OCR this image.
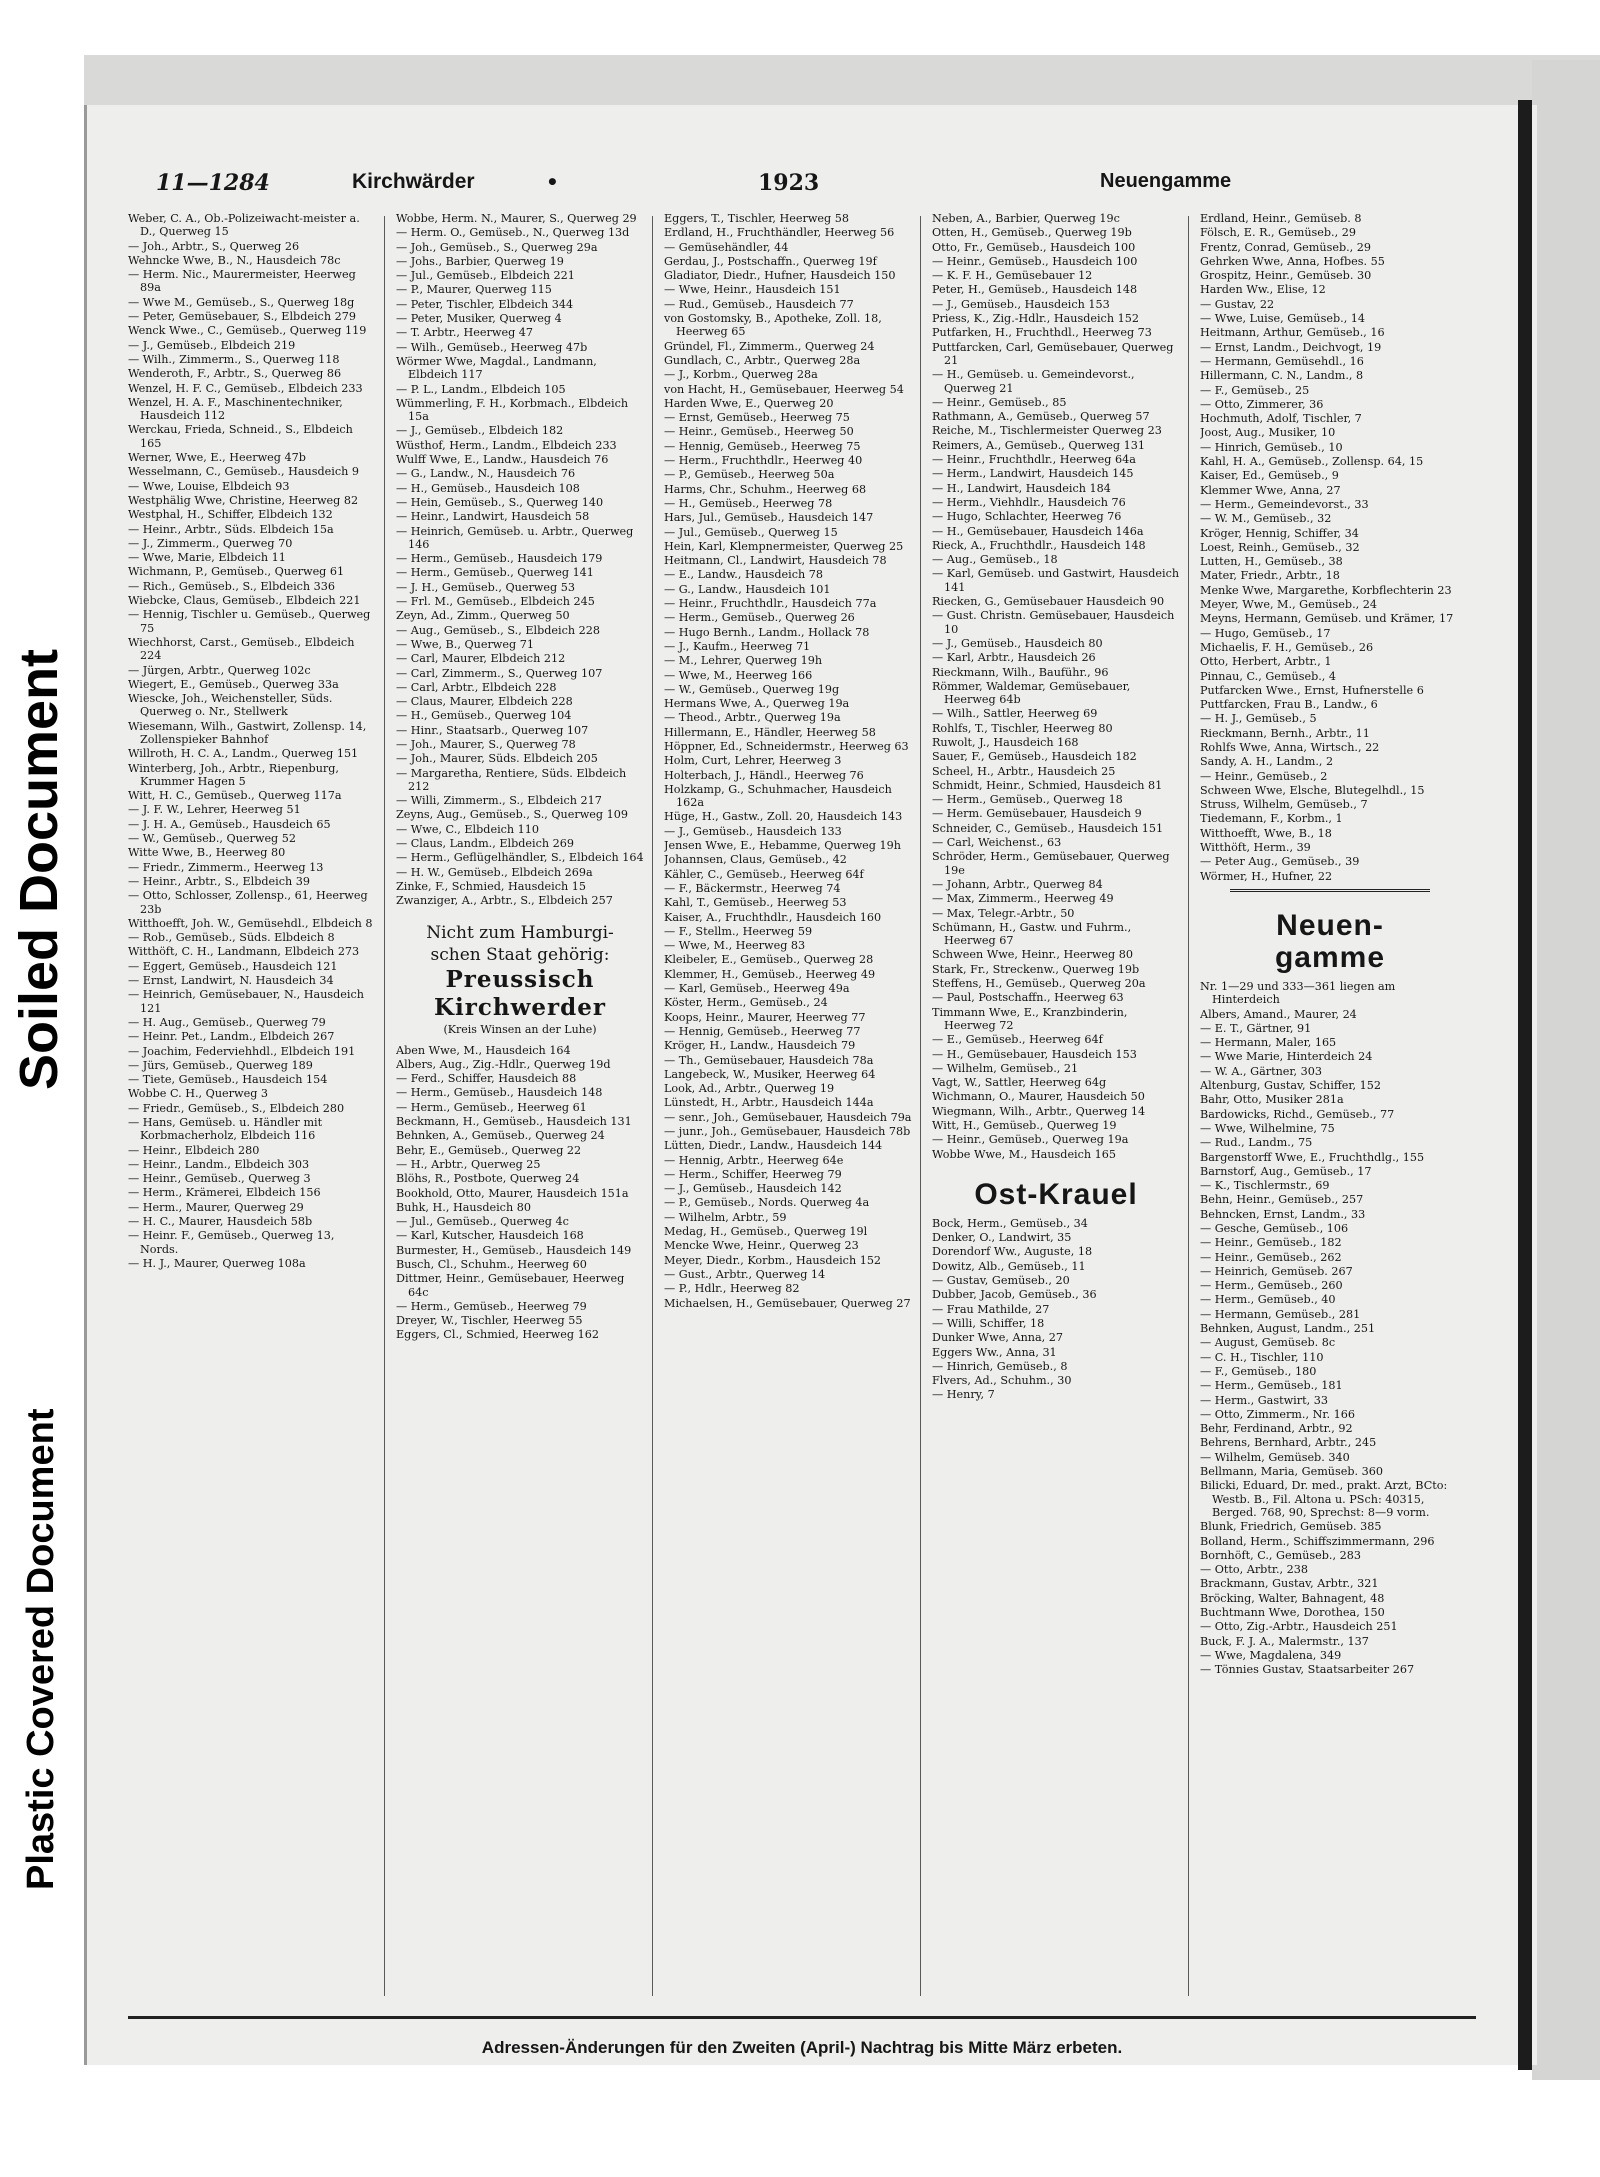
Soiled Document
Plastic Covered Document
11—1284	Kirchwärder	•	1923	Neuengamme
Weber, C. A., Ob.-Polizeiwacht-meister a. D., Querweg 15
— Joh., Arbtr., S., Querweg 26
Wehncke Wwe, B., N., Hausdeich 78c
— Herm. Nic., Maurermeister, Heerweg 89a
— Wwe M., Gemüseb., S., Querweg 18g
— Peter, Gemüsebauer, S., Elbdeich 279
Wenck Wwe., C., Gemüseb., Querweg 119
— J., Gemüseb., Elbdeich 219
— Wilh., Zimmerm., S., Querweg 118
Wenderoth, F., Arbtr., S., Querweg 86
Wenzel, H. F. C., Gemüseb., Elbdeich 233
Wenzel, H. A. F., Maschinentechniker, Hausdeich 112
Werckau, Frieda, Schneid., S., Elbdeich 165
Werner, Wwe, E., Heerweg 47b
Wesselmann, C., Gemüseb., Hausdeich 9
— Wwe, Louise, Elbdeich 93
Westphälig Wwe, Christine, Heerweg 82
Westphal, H., Schiffer, Elbdeich 132
— Heinr., Arbtr., Süds. Elbdeich 15a
— J., Zimmerm., Querweg 70
— Wwe, Marie, Elbdeich 11
Wichmann, P., Gemüseb., Querweg 61
— Rich., Gemüseb., S., Elbdeich 336
Wiebcke, Claus, Gemüseb., Elbdeich 221
— Hennig, Tischler u. Gemüseb., Querweg 75
Wiechhorst, Carst., Gemüseb., Elbdeich 224
— Jürgen, Arbtr., Querweg 102c
Wiegert, E., Gemüseb., Querweg 33a
Wiescke, Joh., Weichensteller, Süds. Querweg o. Nr., Stellwerk
Wiesemann, Wilh., Gastwirt, Zollensp. 14, Zollenspieker Bahnhof
Willroth, H. C. A., Landm., Querweg 151
Winterberg, Joh., Arbtr., Riepenburg, Krummer Hagen 5
Witt, H. C., Gemüseb., Querweg 117a
— J. F. W., Lehrer, Heerweg 51
— J. H. A., Gemüseb., Hausdeich 65
— W., Gemüseb., Querweg 52
Witte Wwe, B., Heerweg 80
— Friedr., Zimmerm., Heerweg 13
— Heinr., Arbtr., S., Elbdeich 39
— Otto, Schlosser, Zollensp., 61, Heerweg 23b
Witthoefft, Joh. W., Gemüsehdl., Elbdeich 8
— Rob., Gemüseb., Süds. Elbdeich 8
Witthöft, C. H., Landmann, Elbdeich 273
— Eggert, Gemüseb., Hausdeich 121
— Ernst, Landwirt, N. Hausdeich 34
— Heinrich, Gemüsebauer, N., Hausdeich 121
— H. Aug., Gemüseb., Querweg 79
— Heinr. Pet., Landm., Elbdeich 267
— Joachim, Federviehhdl., Elbdeich 191
— Jürs, Gemüseb., Querweg 189
— Tiete, Gemüseb., Hausdeich 154
Wobbe C. H., Querweg 3
— Friedr., Gemüseb., S., Elbdeich 280
— Hans, Gemüseb. u. Händler mit Korbmacherholz, Elbdeich 116
— Heinr., Elbdeich 280
— Heinr., Landm., Elbdeich 303
— Heinr., Gemüseb., Querweg 3
— Herm., Krämerei, Elbdeich 156
— Herm., Maurer, Querweg 29
— H. C., Maurer, Hausdeich 58b
— Heinr. F., Gemüseb., Querweg 13, Nords.
— H. J., Maurer, Querweg 108a
Wobbe, Herm. N., Maurer, S., Querweg 29
— Herm. O., Gemüseb., N., Querweg 13d
— Joh., Gemüseb., S., Querweg 29a
— Johs., Barbier, Querweg 19
— Jul., Gemüseb., Elbdeich 221
— P., Maurer, Querweg 115
— Peter, Tischler, Elbdeich 344
— Peter, Musiker, Querweg 4
— T. Arbtr., Heerweg 47
— Wilh., Gemüseb., Heerweg 47b
Wörmer Wwe, Magdal., Landmann, Elbdeich 117
— P. L., Landm., Elbdeich 105
Wümmerling, F. H., Korbmach., Elbdeich 15a
— J., Gemüseb., Elbdeich 182
Wüsthof, Herm., Landm., Elbdeich 233
Wulff Wwe, E., Landw., Hausdeich 76
— G., Landw., N., Hausdeich 76
— H., Gemüseb., Hausdeich 108
— Hein, Gemüseb., S., Querweg 140
— Heinr., Landwirt, Hausdeich 58
— Heinrich, Gemüseb. u. Arbtr., Querweg 146
— Herm., Gemüseb., Hausdeich 179
— Herm., Gemüseb., Querweg 141
— J. H., Gemüseb., Querweg 53
— Frl. M., Gemüseb., Elbdeich 245
Zeyn, Ad., Zimm., Querweg 50
— Aug., Gemüseb., S., Elbdeich 228
— Wwe, B., Querweg 71
— Carl, Maurer, Elbdeich 212
— Carl, Zimmerm., S., Querweg 107
— Carl, Arbtr., Elbdeich 228
— Claus, Maurer, Elbdeich 228
— H., Gemüseb., Querweg 104
— Hinr., Staatsarb., Querweg 107
— Joh., Maurer, S., Querweg 78
— Joh., Maurer, Süds. Elbdeich 205
— Margaretha, Rentiere, Süds. Elbdeich 212
— Willi, Zimmerm., S., Elbdeich 217
Zeyns, Aug., Gemüseb., S., Querweg 109
— Wwe, C., Elbdeich 110
— Claus, Landm., Elbdeich 269
— Herm., Geflügelhändler, S., Elbdeich 164
— H. W., Gemüseb., Elbdeich 269a
Zinke, F., Schmied, Hausdeich 15
Zwanziger, A., Arbtr., S., Elbdeich 257
Nicht zum Hamburgi-
schen Staat gehörig:
Preussisch
Kirchwerder
(Kreis Winsen an der Luhe)
Aben Wwe, M., Hausdeich 164
Albers, Aug., Zig.-Hdlr., Querweg 19d
— Ferd., Schiffer, Hausdeich 88
— Herm., Gemüseb., Hausdeich 148
— Herm., Gemüseb., Heerweg 61
Beckmann, H., Gemüseb., Hausdeich 131
Behnken, A., Gemüseb., Querweg 24
Behr, E., Gemüseb., Querweg 22
— H., Arbtr., Querweg 25
Blöhs, R., Postbote, Querweg 24
Bookhold, Otto, Maurer, Hausdeich 151a
Buhk, H., Hausdeich 80
— Jul., Gemüseb., Querweg 4c
— Karl, Kutscher, Hausdeich 168
Burmester, H., Gemüseb., Hausdeich 149
Busch, Cl., Schuhm., Heerweg 60
Dittmer, Heinr., Gemüsebauer, Heerweg 64c
— Herm., Gemüseb., Heerweg 79
Dreyer, W., Tischler, Heerweg 55
Eggers, Cl., Schmied, Heerweg 162
Eggers, T., Tischler, Heerweg 58
Erdland, H., Fruchthändler, Heerweg 56
— Gemüsehändler, 44
Gerdau, J., Postschaffn., Querweg 19f
Gladiator, Diedr., Hufner, Hausdeich 150
— Wwe, Heinr., Hausdeich 151
— Rud., Gemüseb., Hausdeich 77
von Gostomsky, B., Apotheke, Zoll. 18, Heerweg 65
Gründel, Fl., Zimmerm., Querweg 24
Gundlach, C., Arbtr., Querweg 28a
— J., Korbm., Querweg 28a
von Hacht, H., Gemüsebauer, Heerweg 54
Harden Wwe, E., Querweg 20
— Ernst, Gemüseb., Heerweg 75
— Heinr., Gemüseb., Heerweg 50
— Hennig, Gemüseb., Heerweg 75
— Herm., Fruchthdlr., Heerweg 40
— P., Gemüseb., Heerweg 50a
Harms, Chr., Schuhm., Heerweg 68
— H., Gemüseb., Heerweg 78
Hars, Jul., Gemüseb., Hausdeich 147
— Jul., Gemüseb., Querweg 15
Hein, Karl, Klempnermeister, Querweg 25
Heitmann, Cl., Landwirt, Hausdeich 78
— E., Landw., Hausdeich 78
— G., Landw., Hausdeich 101
— Heinr., Fruchthdlr., Hausdeich 77a
— Herm., Gemüseb., Querweg 26
— Hugo Bernh., Landm., Hollack 78
— J., Kaufm., Heerweg 71
— M., Lehrer, Querweg 19h
— Wwe, M., Heerweg 166
— W., Gemüseb., Querweg 19g
Hermans Wwe, A., Querweg 19a
— Theod., Arbtr., Querweg 19a
Hillermann, E., Händler, Heerweg 58
Höppner, Ed., Schneidermstr., Heerweg 63
Holm, Curt, Lehrer, Heerweg 3
Holterbach, J., Händl., Heerweg 76
Holzkamp, G., Schuhmacher, Hausdeich 162a
Hüge, H., Gastw., Zoll. 20, Hausdeich 143
— J., Gemüseb., Hausdeich 133
Jensen Wwe, E., Hebamme, Querweg 19h
Johannsen, Claus, Gemüseb., 42
Kähler, C., Gemüseb., Heerweg 64f
— F., Bäckermstr., Heerweg 74
Kahl, T., Gemüseb., Heerweg 53
Kaiser, A., Fruchthdlr., Hausdeich 160
— F., Stellm., Heerweg 59
— Wwe, M., Heerweg 83
Kleibeler, E., Gemüseb., Querweg 28
Klemmer, H., Gemüseb., Heerweg 49
— Karl, Gemüseb., Heerweg 49a
Köster, Herm., Gemüseb., 24
Koops, Heinr., Maurer, Heerweg 77
— Hennig, Gemüseb., Heerweg 77
Kröger, H., Landw., Hausdeich 79
— Th., Gemüsebauer, Hausdeich 78a
Langebeck, W., Musiker, Heerweg 64
Look, Ad., Arbtr., Querweg 19
Lünstedt, H., Arbtr., Hausdeich 144a
— senr., Joh., Gemüsebauer, Hausdeich 79a
— junr., Joh., Gemüsebauer, Hausdeich 78b
Lütten, Diedr., Landw., Hausdeich 144
— Hennig, Arbtr., Heerweg 64e
— Herm., Schiffer, Heerweg 79
— J., Gemüseb., Hausdeich 142
— P., Gemüseb., Nords. Querweg 4a
— Wilhelm, Arbtr., 59
Medag, H., Gemüseb., Querweg 19l
Mencke Wwe, Heinr., Querweg 23
Meyer, Diedr., Korbm., Hausdeich 152
— Gust., Arbtr., Querweg 14
— P., Hdlr., Heerweg 82
Michaelsen, H., Gemüsebauer, Querweg 27
Neben, A., Barbier, Querweg 19c
Otten, H., Gemüseb., Querweg 19b
Otto, Fr., Gemüseb., Hausdeich 100
— Heinr., Gemüseb., Hausdeich 100
— K. F. H., Gemüsebauer 12
Peter, H., Gemüseb., Hausdeich 148
— J., Gemüseb., Hausdeich 153
Priess, K., Zig.-Hdlr., Hausdeich 152
Putfarken, H., Fruchthdl., Heerweg 73
Puttfarcken, Carl, Gemüsebauer, Querweg 21
— H., Gemüseb. u. Gemeindevorst., Querweg 21
— Heinr., Gemüseb., 85
Rathmann, A., Gemüseb., Querweg 57
Reiche, M., Tischlermeister Querweg 23
Reimers, A., Gemüseb., Querweg 131
— Heinr., Fruchthdlr., Heerweg 64a
— Herm., Landwirt, Hausdeich 145
— H., Landwirt, Hausdeich 184
— Herm., Viehhdlr., Hausdeich 76
— Hugo, Schlachter, Heerweg 76
— H., Gemüsebauer, Hausdeich 146a
Rieck, A., Fruchthdlr., Hausdeich 148
— Aug., Gemüseb., 18
— Karl, Gemüseb. und Gastwirt, Hausdeich 141
Riecken, G., Gemüsebauer Hausdeich 90
— Gust. Christn. Gemüsebauer, Hausdeich 10
— J., Gemüseb., Hausdeich 80
— Karl, Arbtr., Hausdeich 26
Rieckmann, Wilh., Bauführ., 96
Römmer, Waldemar, Gemüsebauer, Heerweg 64b
— Wilh., Sattler, Heerweg 69
Rohlfs, T., Tischler, Heerweg 80
Ruwolt, J., Hausdeich 168
Sauer, F., Gemüseb., Hausdeich 182
Scheel, H., Arbtr., Hausdeich 25
Schmidt, Heinr., Schmied, Hausdeich 81
— Herm., Gemüseb., Querweg 18
— Herm. Gemüsebauer, Hausdeich 9
Schneider, C., Gemüseb., Hausdeich 151
— Carl, Weichenst., 63
Schröder, Herm., Gemüsebauer, Querweg 19e
— Johann, Arbtr., Querweg 84
— Max, Zimmerm., Heerweg 49
— Max, Telegr.-Arbtr., 50
Schümann, H., Gastw. und Fuhrm., Heerweg 67
Schween Wwe, Heinr., Heerweg 80
Stark, Fr., Streckenw., Querweg 19b
Steffens, H., Gemüseb., Querweg 20a
— Paul, Postschaffn., Heerweg 63
Timmann Wwe, E., Kranzbinderin, Heerweg 72
— E., Gemüseb., Heerweg 64f
— H., Gemüsebauer, Hausdeich 153
— Wilhelm, Gemüseb., 21
Vagt, W., Sattler, Heerweg 64g
Wichmann, O., Maurer, Hausdeich 50
Wiegmann, Wilh., Arbtr., Querweg 14
Witt, H., Gemüseb., Querweg 19
— Heinr., Gemüseb., Querweg 19a
Wobbe Wwe, M., Hausdeich 165
Ost-Krauel
Bock, Herm., Gemüseb., 34
Denker, O., Landwirt, 35
Dorendorf Ww., Auguste, 18
Dowitz, Alb., Gemüseb., 11
— Gustav, Gemüseb., 20
Dubber, Jacob, Gemüseb., 36
— Frau Mathilde, 27
— Willi, Schiffer, 18
Dunker Wwe, Anna, 27
Eggers Ww., Anna, 31
— Hinrich, Gemüseb., 8
Flvers, Ad., Schuhm., 30
— Henry, 7
Erdland, Heinr., Gemüseb. 8
Fölsch, E. R., Gemüseb., 29
Frentz, Conrad, Gemüseb., 29
Gehrken Wwe, Anna, Hofbes. 55
Grospitz, Heinr., Gemüseb. 30
Harden Ww., Elise, 12
— Gustav, 22
— Wwe, Luise, Gemüseb., 14
Heitmann, Arthur, Gemüseb., 16
— Ernst, Landm., Deichvogt, 19
— Hermann, Gemüsehdl., 16
Hillermann, C. N., Landm., 8
— F., Gemüseb., 25
— Otto, Zimmerer, 36
Hochmuth, Adolf, Tischler, 7
Joost, Aug., Musiker, 10
— Hinrich, Gemüseb., 10
Kahl, H. A., Gemüseb., Zollensp. 64, 15
Kaiser, Ed., Gemüseb., 9
Klemmer Wwe, Anna, 27
— Herm., Gemeindevorst., 33
— W. M., Gemüseb., 32
Kröger, Hennig, Schiffer, 34
Loest, Reinh., Gemüseb., 32
Lutten, H., Gemüseb., 38
Mater, Friedr., Arbtr., 18
Menke Wwe, Margarethe, Korbflechterin 23
Meyer, Wwe, M., Gemüseb., 24
Meyns, Hermann, Gemüseb. und Krämer, 17
— Hugo, Gemüseb., 17
Michaelis, F. H., Gemüseb., 26
Otto, Herbert, Arbtr., 1
Pinnau, C., Gemüseb., 4
Putfarcken Wwe., Ernst, Hufnerstelle 6
Puttfarcken, Frau B., Landw., 6
— H. J., Gemüseb., 5
Rieckmann, Bernh., Arbtr., 11
Rohlfs Wwe, Anna, Wirtsch., 22
Sandy, A. H., Landm., 2
— Heinr., Gemüseb., 2
Schween Wwe, Elsche, Blutegelhdl., 15
Struss, Wilhelm, Gemüseb., 7
Tiedemann, F., Korbm., 1
Witthoefft, Wwe, B., 18
Witthöft, Herm., 39
— Peter Aug., Gemüseb., 39
Wörmer, H., Hufner, 22
Neuen-
gamme
Nr. 1—29 und 333—361 liegen am Hinterdeich
Albers, Amand., Maurer, 24
— E. T., Gärtner, 91
— Hermann, Maler, 165
— Wwe Marie, Hinterdeich 24
— W. A., Gärtner, 303
Altenburg, Gustav, Schiffer, 152
Bahr, Otto, Musiker 281a
Bardowicks, Richd., Gemüseb., 77
— Wwe, Wilhelmine, 75
— Rud., Landm., 75
Bargenstorff Wwe, E., Fruchthdlg., 155
Barnstorf, Aug., Gemüseb., 17
— K., Tischlermstr., 69
Behn, Heinr., Gemüseb., 257
Behncken, Ernst, Landm., 33
— Gesche, Gemüseb., 106
— Heinr., Gemüseb., 182
— Heinr., Gemüseb., 262
— Heinrich, Gemüseb. 267
— Herm., Gemüseb., 260
— Herm., Gemüseb., 40
— Hermann, Gemüseb., 281
Behnken, August, Landm., 251
— August, Gemüseb. 8c
— C. H., Tischler, 110
— F., Gemüseb., 180
— Herm., Gemüseb., 181
— Herm., Gastwirt, 33
— Otto, Zimmerm., Nr. 166
Behr, Ferdinand, Arbtr., 92
Behrens, Bernhard, Arbtr., 245
— Wilhelm, Gemüseb. 340
Bellmann, Maria, Gemüseb. 360
Bilicki, Eduard, Dr. med., prakt. Arzt, BCto: Westb. B., Fil. Altona u. PSch: 40315, Berged. 768, 90, Sprechst: 8—9 vorm.
Blunk, Friedrich, Gemüseb. 385
Bolland, Herm., Schiffszimmermann, 296
Bornhöft, C., Gemüseb., 283
— Otto, Arbtr., 238
Brackmann, Gustav, Arbtr., 321
Bröcking, Walter, Bahnagent, 48
Buchtmann Wwe, Dorothea, 150
— Otto, Zig.-Arbtr., Hausdeich 251
Buck, F. J. A., Malermstr., 137
— Wwe, Magdalena, 349
— Tönnies Gustav, Staatsarbeiter 267
Adressen-Änderungen für den Zweiten (April-) Nachtrag bis Mitte März erbeten.
